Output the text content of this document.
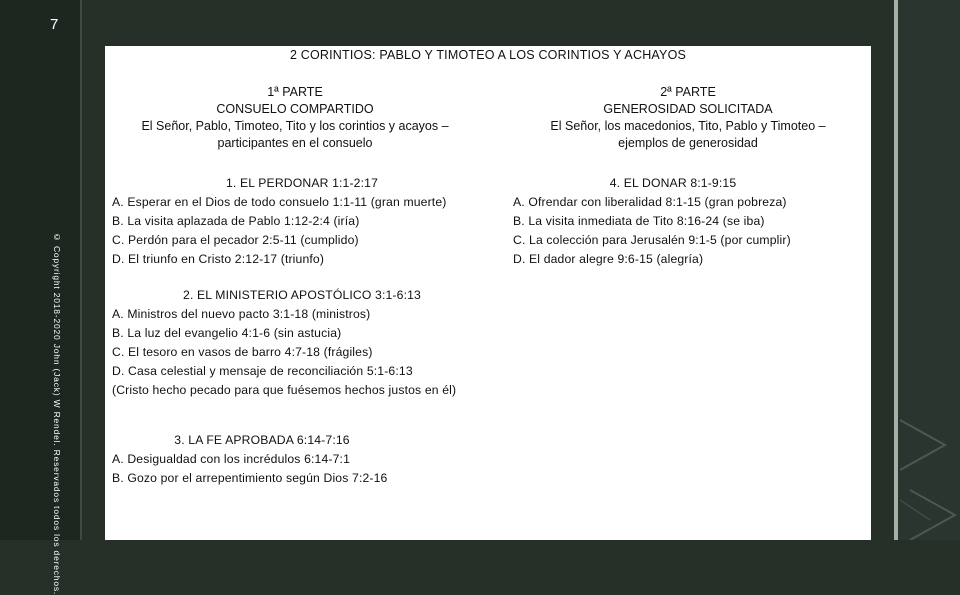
7
© Copyright 2018-2020 John (Jack) W Rendel. Reservados todos los derechos.
2 CORINTIOS: PABLO Y TIMOTEO A LOS CORINTIOS Y ACHAYOS
1ª PARTE
CONSUELO COMPARTIDO
El Señor, Pablo, Timoteo, Tito y los corintios y acayos –
participantes en el consuelo
2ª PARTE
GENEROSIDAD SOLICITADA
El Señor, los macedonios, Tito, Pablo y Timoteo –
ejemplos de generosidad
1. EL PERDONAR 1:1-2:17
A. Esperar en el Dios de todo consuelo 1:1-11 (gran muerte)
B. La visita aplazada de Pablo 1:12-2:4 (iría)
C. Perdón para el pecador 2:5-11 (cumplido)
D. El triunfo en Cristo 2:12-17 (triunfo)
2. EL MINISTERIO APOSTÓLICO 3:1-6:13
A. Ministros del nuevo pacto 3:1-18 (ministros)
B. La luz del evangelio 4:1-6 (sin astucia)
C. El tesoro en vasos de barro 4:7-18 (frágiles)
D. Casa celestial y mensaje de reconciliación 5:1-6:13
(Cristo hecho pecado para que fuésemos hechos justos en él)
3. LA FE APROBADA 6:14-7:16
A. Desigualdad con los incrédulos 6:14-7:1
B. Gozo por el arrepentimiento según Dios 7:2-16
4. EL DONAR 8:1-9:15
A. Ofrendar con liberalidad 8:1-15 (gran pobreza)
B. La visita inmediata de Tito 8:16-24 (se iba)
C. La colección para Jerusalén 9:1-5 (por cumplir)
D. El dador alegre 9:6-15 (alegría)
